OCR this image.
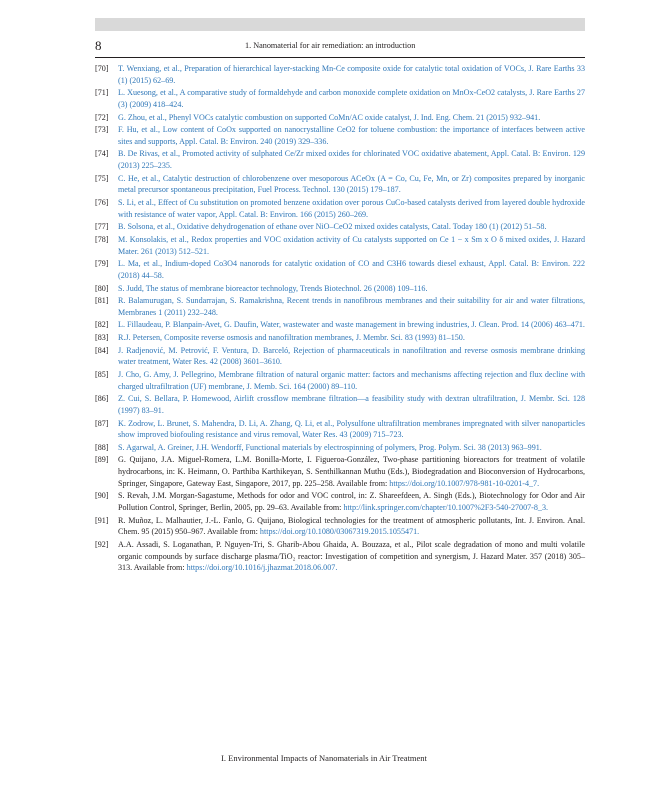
8	1. Nanomaterial for air remediation: an introduction
[70] T. Wenxiang, et al., Preparation of hierarchical layer-stacking Mn-Ce composite oxide for catalytic total oxidation of VOCs, J. Rare Earths 33 (1) (2015) 62–69.
[71] L. Xuesong, et al., A comparative study of formaldehyde and carbon monoxide complete oxidation on MnOx-CeO2 catalysts, J. Rare Earths 27 (3) (2009) 418–424.
[72] G. Zhou, et al., Phenyl VOCs catalytic combustion on supported CoMn/AC oxide catalyst, J. Ind. Eng. Chem. 21 (2015) 932–941.
[73] F. Hu, et al., Low content of CoOx supported on nanocrystalline CeO2 for toluene combustion: the importance of interfaces between active sites and supports, Appl. Catal. B: Environ. 240 (2019) 329–336.
[74] B. De Rivas, et al., Promoted activity of sulphated Ce/Zr mixed oxides for chlorinated VOC oxidative abatement, Appl. Catal. B: Environ. 129 (2013) 225–235.
[75] C. He, et al., Catalytic destruction of chlorobenzene over mesoporous ACeOx (A = Co, Cu, Fe, Mn, or Zr) composites prepared by inorganic metal precursor spontaneous precipitation, Fuel Process. Technol. 130 (2015) 179–187.
[76] S. Li, et al., Effect of Cu substitution on promoted benzene oxidation over porous CuCo-based catalysts derived from layered double hydroxide with resistance of water vapor, Appl. Catal. B: Environ. 166 (2015) 260–269.
[77] B. Solsona, et al., Oxidative dehydrogenation of ethane over NiO–CeO2 mixed oxides catalysts, Catal. Today 180 (1) (2012) 51–58.
[78] M. Konsolakis, et al., Redox properties and VOC oxidation activity of Cu catalysts supported on Ce 1 − x Sm x O δ mixed oxides, J. Hazard Mater. 261 (2013) 512–521.
[79] L. Ma, et al., Indium-doped Co3O4 nanorods for catalytic oxidation of CO and C3H6 towards diesel exhaust, Appl. Catal. B: Environ. 222 (2018) 44–58.
[80] S. Judd, The status of membrane bioreactor technology, Trends Biotechnol. 26 (2008) 109–116.
[81] R. Balamurugan, S. Sundarrajan, S. Ramakrishna, Recent trends in nanofibrous membranes and their suitability for air and water filtrations, Membranes 1 (2011) 232–248.
[82] L. Fillaudeau, P. Blanpain-Avet, G. Daufin, Water, wastewater and waste management in brewing industries, J. Clean. Prod. 14 (2006) 463–471.
[83] R.J. Petersen, Composite reverse osmosis and nanofiltration membranes, J. Membr. Sci. 83 (1993) 81–150.
[84] J. Radjenović, M. Petrović, F. Ventura, D. Barceló, Rejection of pharmaceuticals in nanofiltration and reverse osmosis membrane drinking water treatment, Water Res. 42 (2008) 3601–3610.
[85] J. Cho, G. Amy, J. Pellegrino, Membrane filtration of natural organic matter: factors and mechanisms affecting rejection and flux decline with charged ultrafiltration (UF) membrane, J. Memb. Sci. 164 (2000) 89–110.
[86] Z. Cui, S. Bellara, P. Homewood, Airlift crossflow membrane filtration—a feasibility study with dextran ultrafiltration, J. Membr. Sci. 128 (1997) 83–91.
[87] K. Zodrow, L. Brunet, S. Mahendra, D. Li, A. Zhang, Q. Li, et al., Polysulfone ultrafiltration membranes impregnated with silver nanoparticles show improved biofouling resistance and virus removal, Water Res. 43 (2009) 715–723.
[88] S. Agarwal, A. Greiner, J.H. Wendorff, Functional materials by electrospinning of polymers, Prog. Polym. Sci. 38 (2013) 963–991.
[89] G. Quijano, J.A. Miguel-Romera, L.M. Bonilla-Morte, I. Figueroa-González, Two-phase partitioning bioreactors for treatment of volatile hydrocarbons, in: K. Heimann, O. Parthiba Karthikeyan, S. Senthilkannan Muthu (Eds.), Biodegradation and Bioconversion of Hydrocarbons, Springer, Singapore, Gateway East, Singapore, 2017, pp. 225–258. Available from: https://doi.org/10.1007/978-981-10-0201-4_7.
[90] S. Revah, J.M. Morgan-Sagastume, Methods for odor and VOC control, in: Z. Shareefdeen, A. Singh (Eds.), Biotechnology for Odor and Air Pollution Control, Springer, Berlin, 2005, pp. 29–63. Available from: http://link.springer.com/chapter/10.1007%2F3-540-27007-8_3.
[91] R. Muñoz, L. Malhautier, J.-L. Fanlo, G. Quijano, Biological technologies for the treatment of atmospheric pollutants, Int. J. Environ. Anal. Chem. 95 (2015) 950–967. Available from: https://doi.org/10.1080/03067319.2015.1055471.
[92] A.A. Assadi, S. Loganathan, P. Nguyen-Tri, S. Gharib-Abou Ghaida, A. Bouzaza, et al., Pilot scale degradation of mono and multi volatile organic compounds by surface discharge plasma/TiO₂ reactor: Investigation of competition and synergism, J. Hazard Mater. 357 (2018) 305–313. Available from: https://doi.org/10.1016/j.jhazmat.2018.06.007.
I. Environmental Impacts of Nanomaterials in Air Treatment
